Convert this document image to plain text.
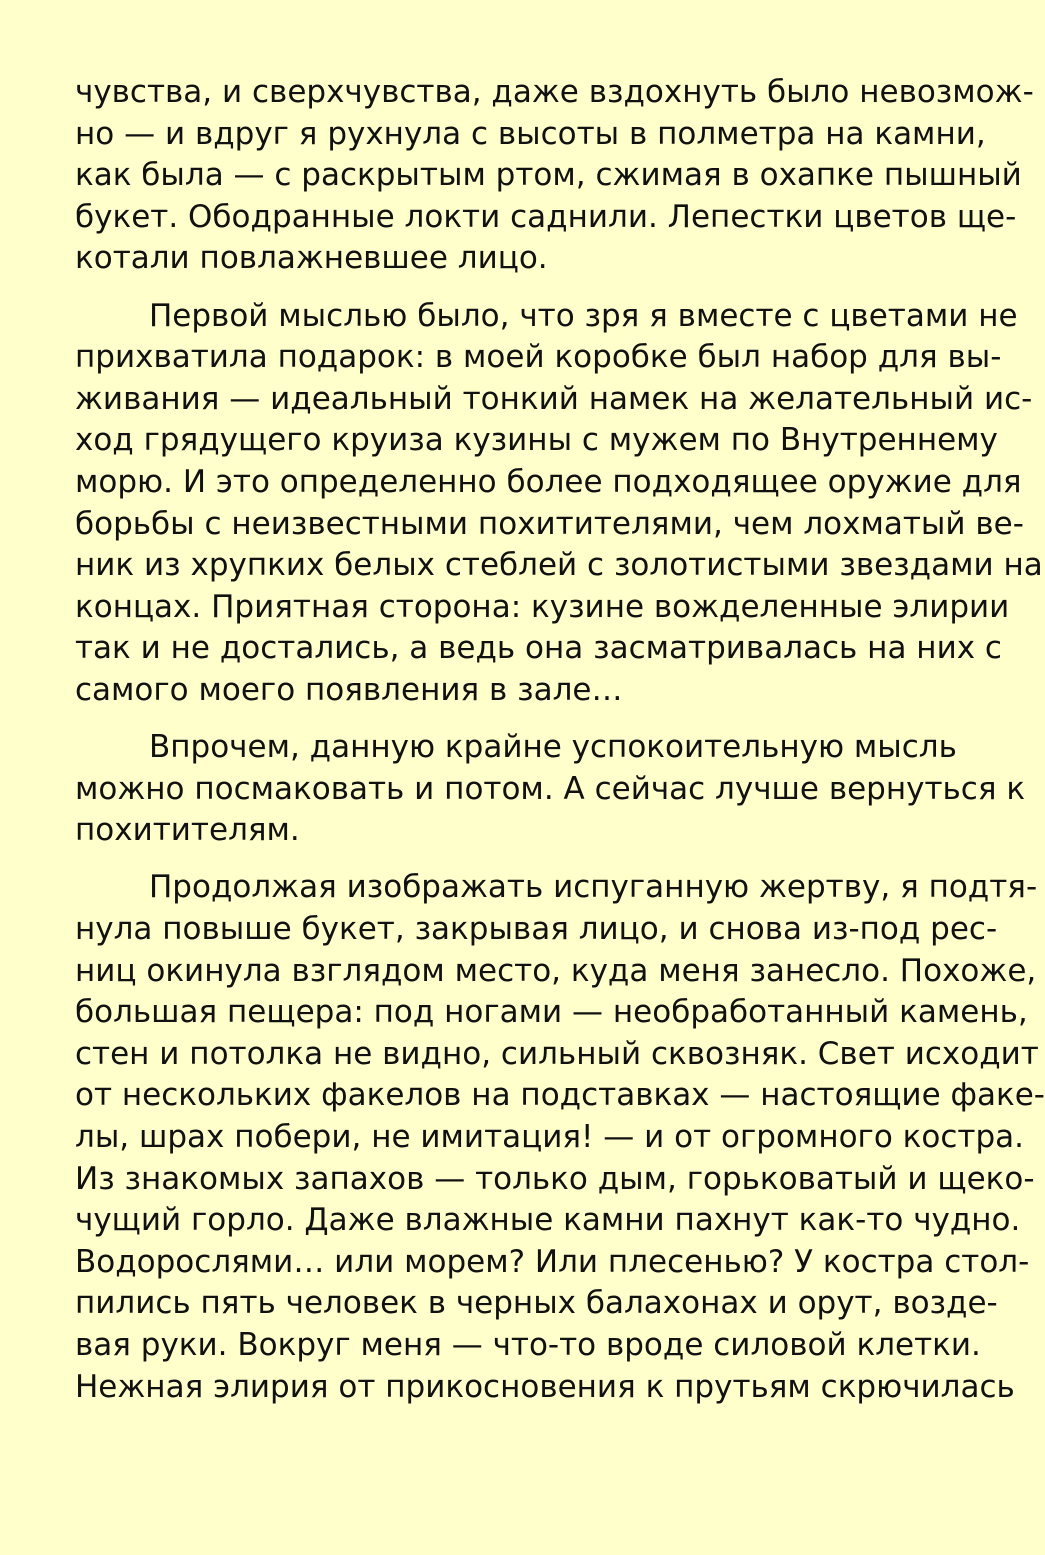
чувства, и сверхчувства, даже вздохнуть было невозмож-
но — и вдруг я рухнула с высоты в полметра на камни,
как была — с раскрытым ртом, сжимая в охапке пышный
букет. Ободранные локти саднили. Лепестки цветов ще-
котали повлажневшее лицо.

Первой мыслью было, что зря я вместе с цветами не
прихватила подарок: в моей коробке был набор для вы-
живания — идеальный тонкий намек на желательный ис-
ход грядущего круиза кузины с мужем по Внутреннему
морю. И это определенно более подходящее оружие для
борьбы с неизвестными похитителями, чем лохматый ве-
ник из хрупких белых стеблей с золотистыми звездами на
концах. Приятная сторона: кузине вожделенные элирии
так и не достались, а ведь она засматривалась на них с
самого моего появления в зале…

Впрочем, данную крайне успокоительную мысль
можно посмаковать и потом. А сейчас лучше вернуться к
похитителям.

Продолжая изображать испуганную жертву, я подтя-
нула повыше букет, закрывая лицо, и снова из-под рес-
ниц окинула взглядом место, куда меня занесло. Похоже,
большая пещера: под ногами — необработанный камень,
стен и потолка не видно, сильный сквозняк. Свет исходит
от нескольких факелов на подставках — настоящие факе-
лы, шрах побери, не имитация! — и от огромного костра.
Из знакомых запахов — только дым, горьковатый и щеко-
чущий горло. Даже влажные камни пахнут как-то чудно.
Водорослями… или морем? Или плесенью? У костра стол-
пились пять человек в черных балахонах и орут, возде-
вая руки. Вокруг меня — что-то вроде силовой клетки.
Нежная элирия от прикосновения к прутьям скрючилась
